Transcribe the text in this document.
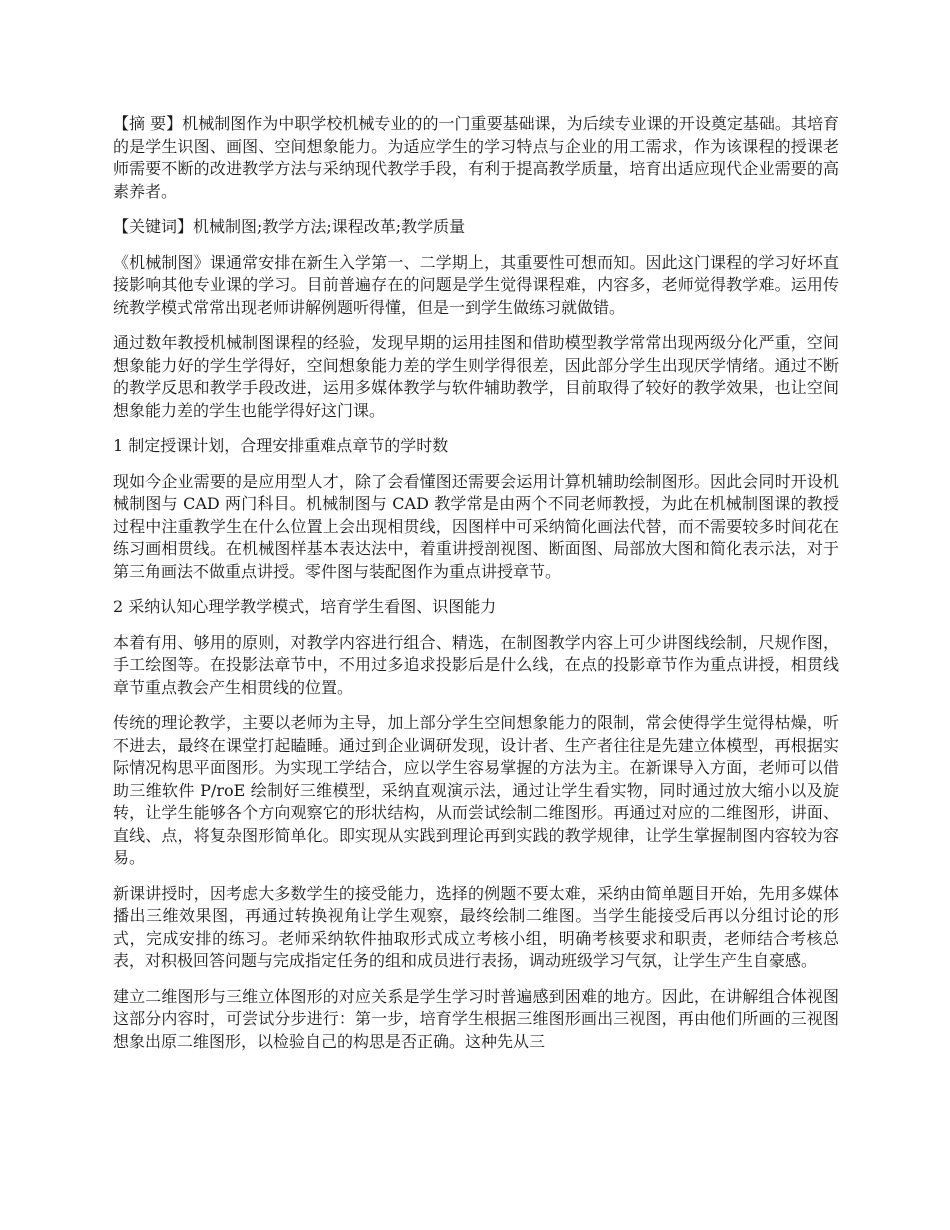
【摘 要】机械制图作为中职学校机械专业的的一门重要基础课，为后续专业课的开设奠定基础。其培育的是学生识图、画图、空间想象能力。为适应学生的学习特点与企业的用工需求，作为该课程的授课老师需要不断的改进教学方法与采纳现代教学手段，有利于提高教学质量，培育出适应现代企业需要的高素养者。

【关键词】机械制图;教学方法;课程改革;教学质量

《机械制图》课通常安排在新生入学第一、二学期上，其重要性可想而知。因此这门课程的学习好坏直接影响其他专业课的学习。目前普遍存在的问题是学生觉得课程难，内容多，老师觉得教学难。运用传统教学模式常常出现老师讲解例题听得懂，但是一到学生做练习就做错。

通过数年教授机械制图课程的经验，发现早期的运用挂图和借助模型教学常常出现两级分化严重，空间想象能力好的学生学得好，空间想象能力差的学生则学得很差，因此部分学生出现厌学情绪。通过不断的教学反思和教学手段改进，运用多媒体教学与软件辅助教学，目前取得了较好的教学效果，也让空间想象能力差的学生也能学得好这门课。

1 制定授课计划，合理安排重难点章节的学时数

现如今企业需要的是应用型人才，除了会看懂图还需要会运用计算机辅助绘制图形。因此会同时开设机械制图与 CAD 两门科目。机械制图与 CAD 教学常是由两个不同老师教授，为此在机械制图课的教授过程中注重教学生在什么位置上会出现相贯线，因图样中可采纳简化画法代替，而不需要较多时间花在练习画相贯线。在机械图样基本表达法中，着重讲授剖视图、断面图、局部放大图和简化表示法，对于第三角画法不做重点讲授。零件图与装配图作为重点讲授章节。

2 采纳认知心理学教学模式，培育学生看图、识图能力

本着有用、够用的原则，对教学内容进行组合、精选，在制图教学内容上可少讲图线绘制，尺规作图，手工绘图等。在投影法章节中，不用过多追求投影后是什么线，在点的投影章节作为重点讲授，相贯线章节重点教会产生相贯线的位置。

传统的理论教学，主要以老师为主导，加上部分学生空间想象能力的限制，常会使得学生觉得枯燥，听不进去，最终在课堂打起瞌睡。通过到企业调研发现，设计者、生产者往往是先建立体模型，再根据实际情况构思平面图形。为实现工学结合，应以学生容易掌握的方法为主。在新课导入方面，老师可以借助三维软件 P/roE 绘制好三维模型，采纳直观演示法，通过让学生看实物，同时通过放大缩小以及旋转，让学生能够各个方向观察它的形状结构，从而尝试绘制二维图形。再通过对应的二维图形，讲面、直线、点，将复杂图形简单化。即实现从实践到理论再到实践的教学规律，让学生掌握制图内容较为容易。

新课讲授时，因考虑大多数学生的接受能力，选择的例题不要太难，采纳由简单题目开始，先用多媒体播出三维效果图，再通过转换视角让学生观察，最终绘制二维图。当学生能接受后再以分组讨论的形式，完成安排的练习。老师采纳软件抽取形式成立考核小组，明确考核要求和职责，老师结合考核总表，对积极回答问题与完成指定任务的组和成员进行表扬，调动班级学习气氛，让学生产生自豪感。

建立二维图形与三维立体图形的对应关系是学生学习时普遍感到困难的地方。因此，在讲解组合体视图这部分内容时，可尝试分步进行：第一步，培育学生根据三维图形画出三视图，再由他们所画的三视图想象出原二维图形，以检验自己的构思是否正确。这种先从三
